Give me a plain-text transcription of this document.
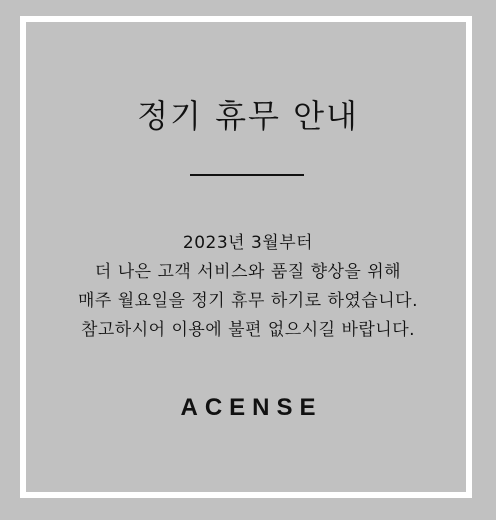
정기 휴무 안내
2023년 3월부터
더 나은 고객 서비스와 품질 향상을 위해
매주 월요일을 정기 휴무 하기로 하였습니다.
참고하시어 이용에 불편 없으시길 바랍니다.
ACENSE
